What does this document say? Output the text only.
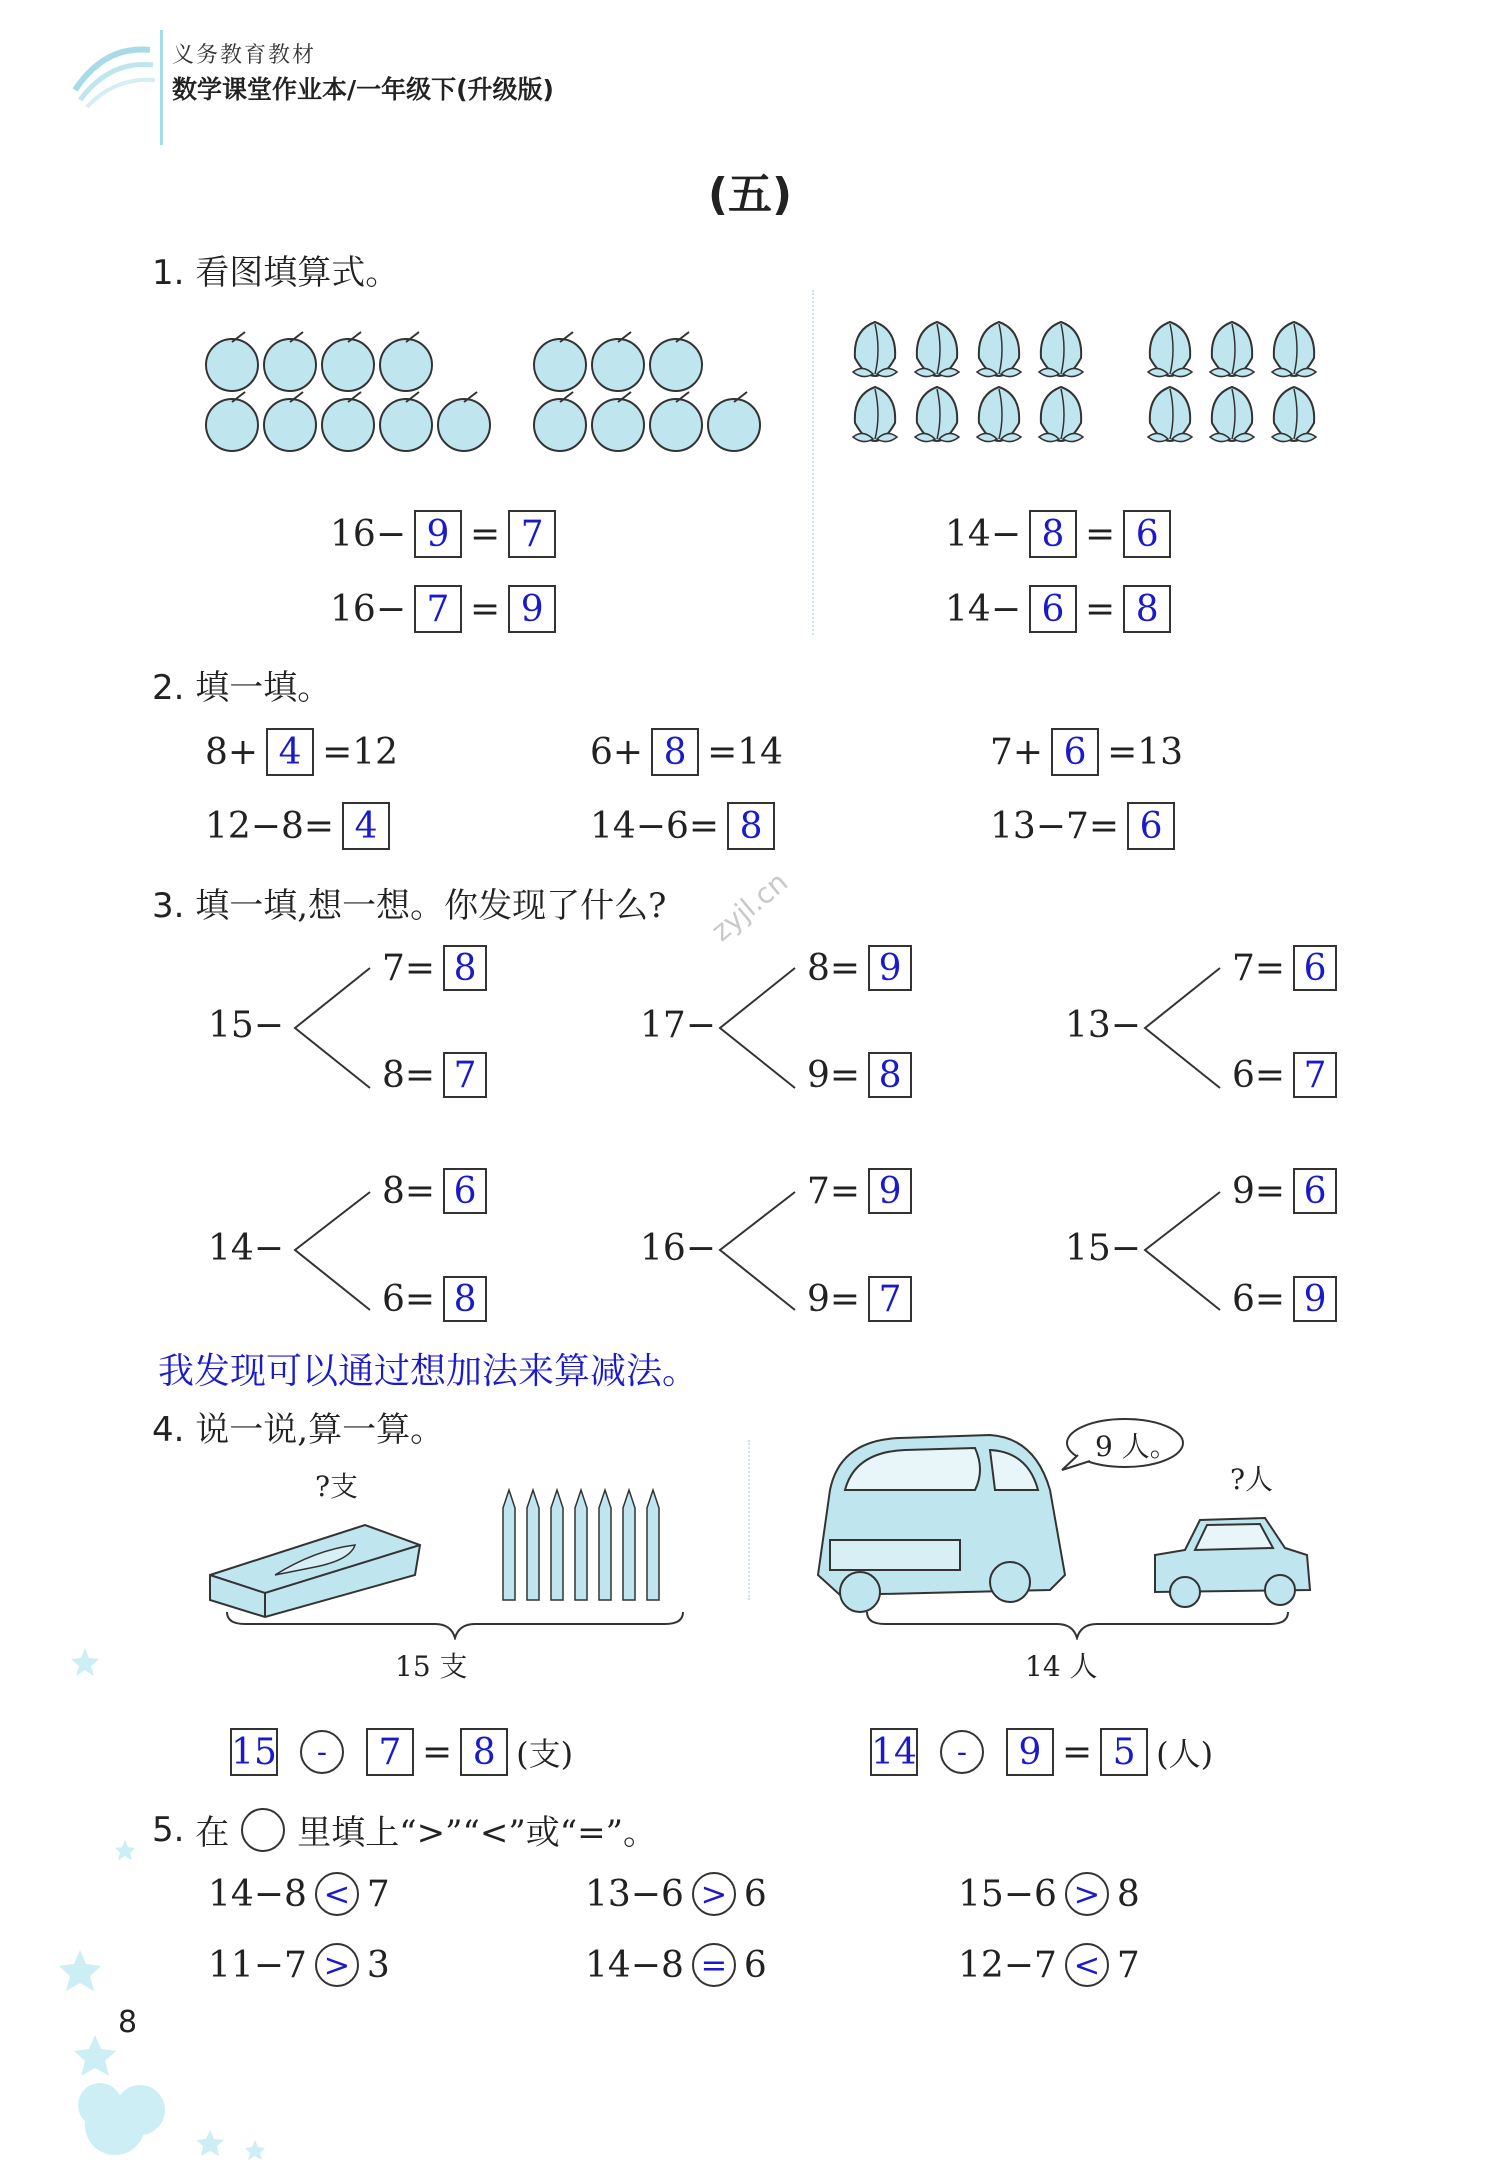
义务教育教材
数学课堂作业本/一年级下(升级版)
(五)
1. 看图填算式。
16 − 9 = 7
16 − 7 = 9
14 − 8 = 6
14 − 6 = 8
2. 填一填。
8+ 4 =12	6+ 8 =14	7+ 6 =13
12−8= 4	14−6= 8	13−7= 6
3. 填一填,想一想。你发现了什么? zyjl.cn
15−
7= 8
8= 7
17−
8= 9
9= 8
13−
7= 6
6= 7
14−
8= 6
6= 8
16−
7= 9
9= 7
15−
9= 6
6= 9
我发现可以通过想加法来算减法。
4. 说一说,算一算。
?支
15 支
15	-	7 = 8 (支)
9 人。
?人
14 人
14	-	9 = 5 (人)
5.
在 里填上“>”“<”或“=”。
14−8 < 7	13−6 > 6	15−6 > 8
11−7 > 3	14−8 = 6	12−7 < 7
8
